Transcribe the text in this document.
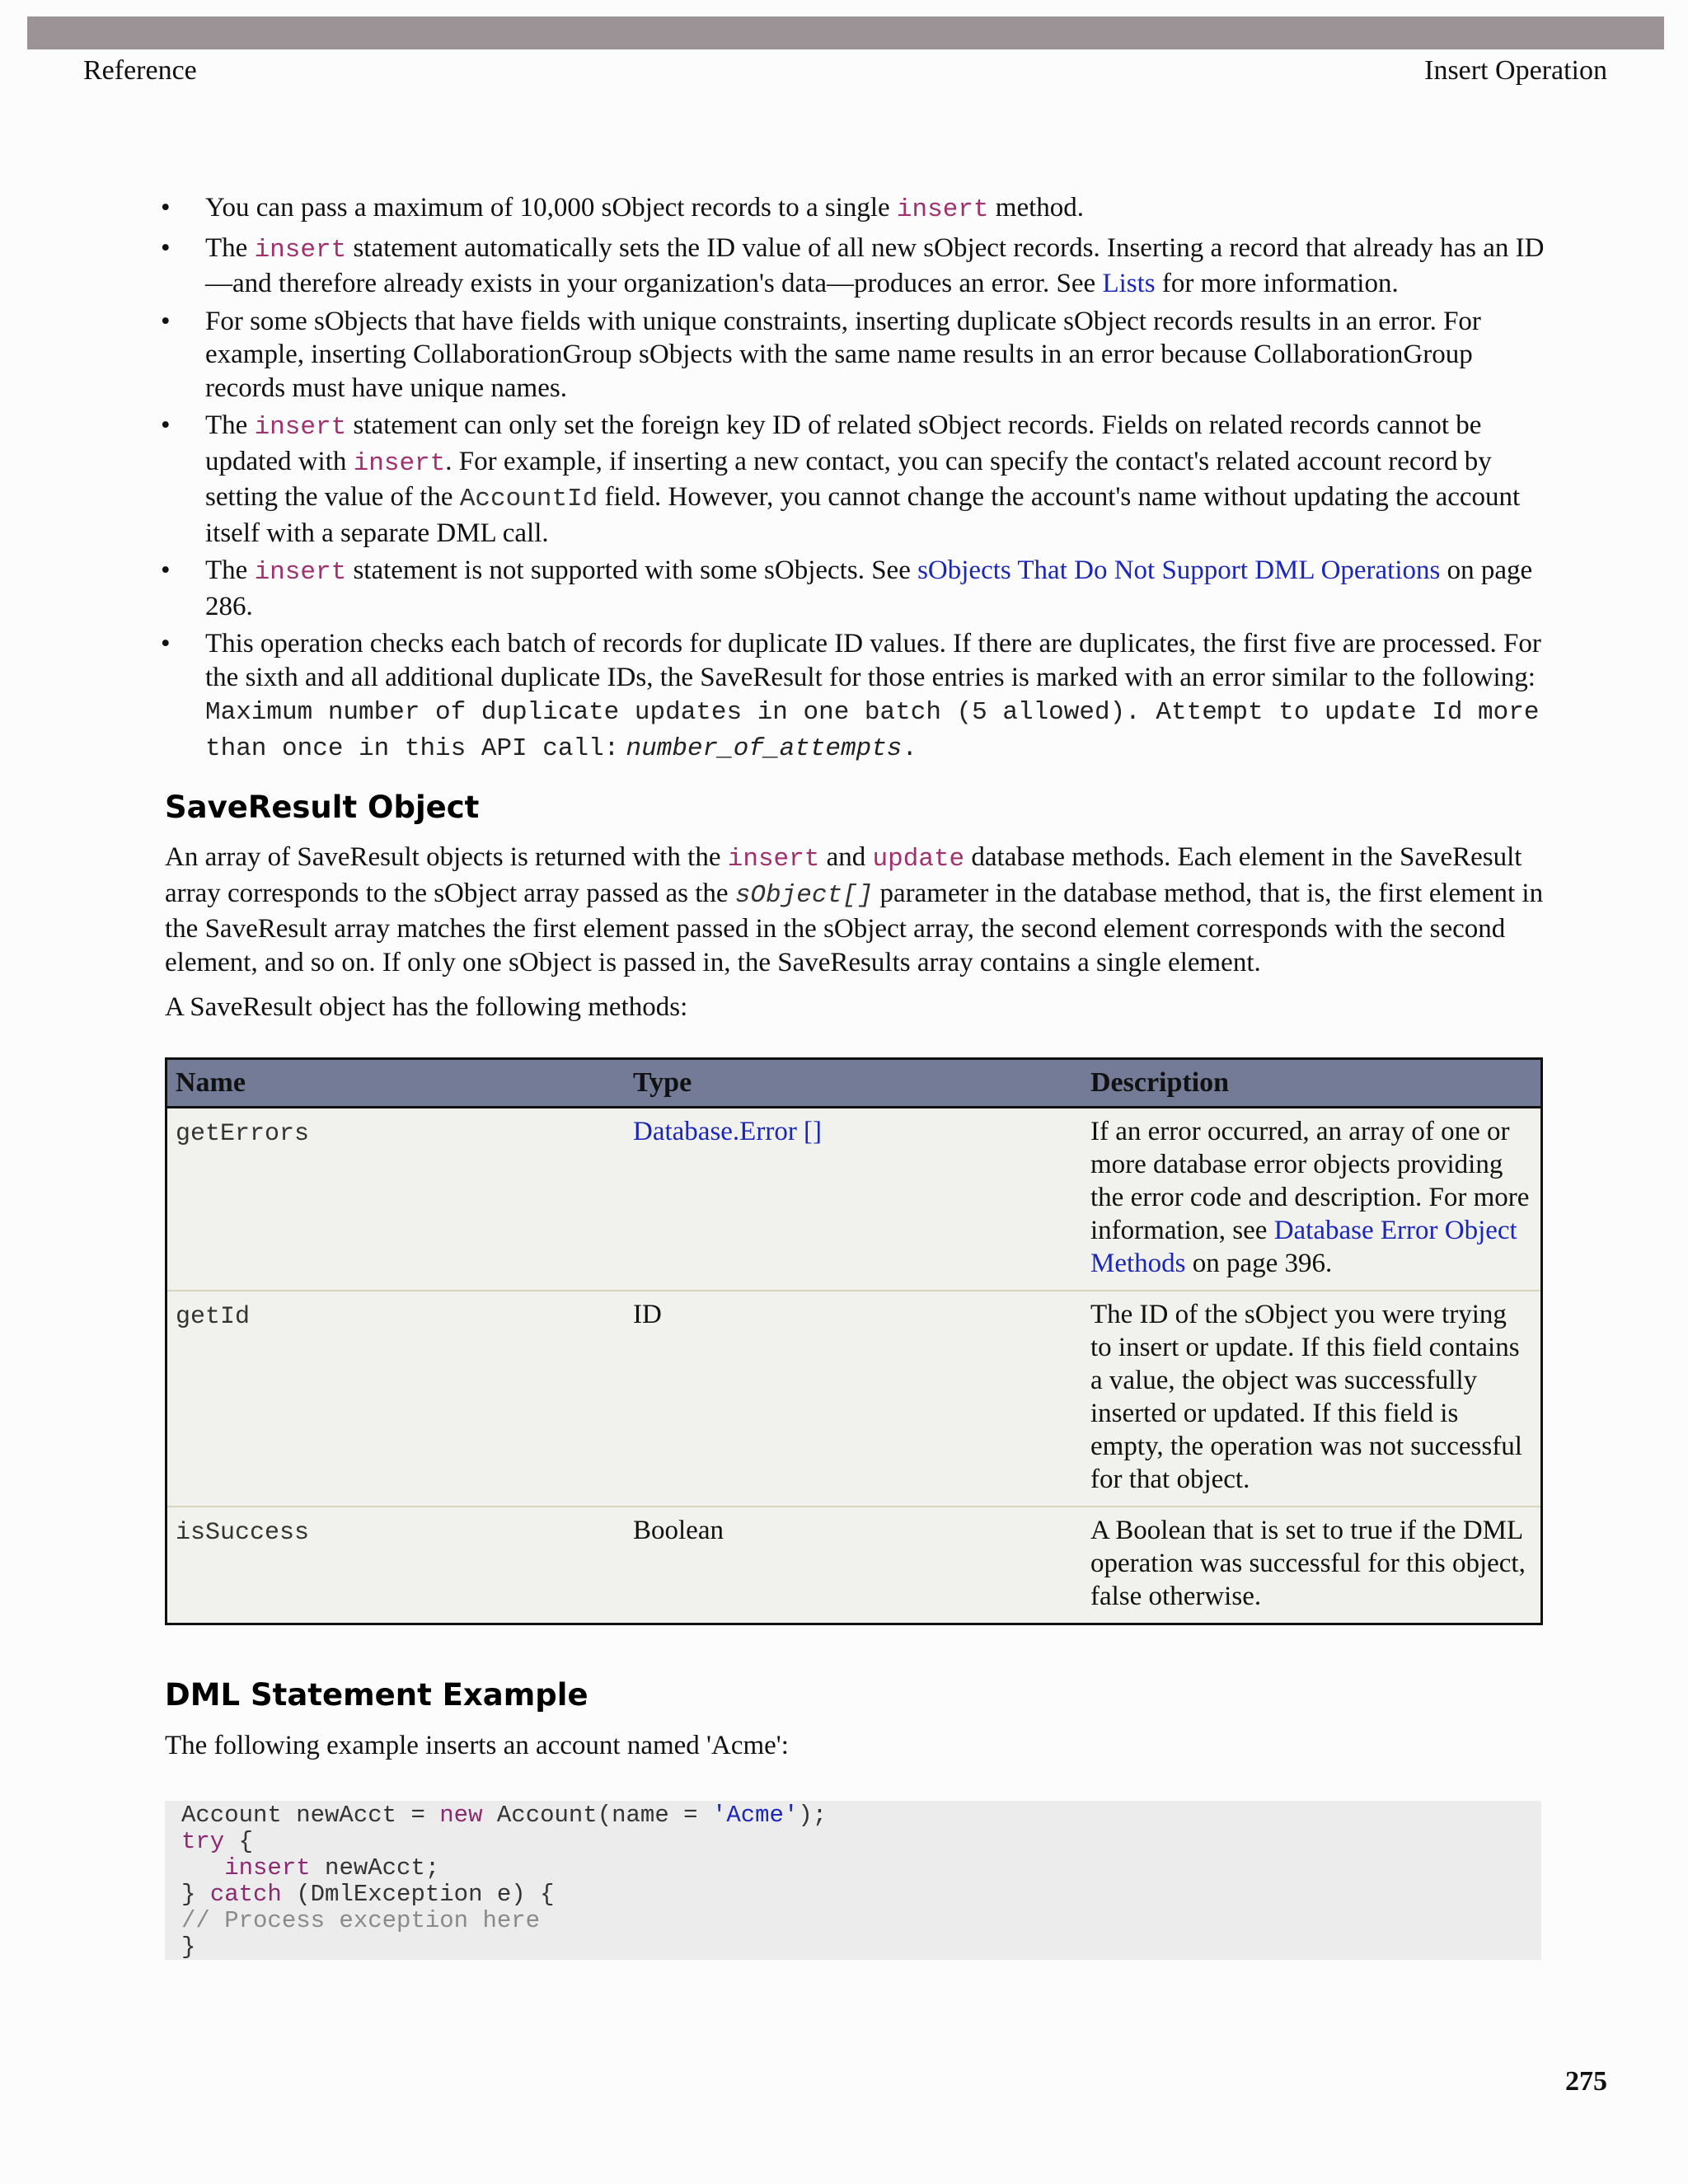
Reference	Insert Operation
• You can pass a maximum of 10,000 sObject records to a single insert method.
• The insert statement automatically sets the ID value of all new sObject records. Inserting a record that already has an ID—and therefore already exists in your organization's data—produces an error. See Lists for more information.
• For some sObjects that have fields with unique constraints, inserting duplicate sObject records results in an error. For example, inserting CollaborationGroup sObjects with the same name results in an error because CollaborationGroup records must have unique names.
• The insert statement can only set the foreign key ID of related sObject records. Fields on related records cannot be updated with insert. For example, if inserting a new contact, you can specify the contact's related account record by setting the value of the AccountId field. However, you cannot change the account's name without updating the account itself with a separate DML call.
• The insert statement is not supported with some sObjects. See sObjects That Do Not Support DML Operations on page 286.
• This operation checks each batch of records for duplicate ID values. If there are duplicates, the first five are processed. For the sixth and all additional duplicate IDs, the SaveResult for those entries is marked with an error similar to the following:
Maximum number of duplicate updates in one batch (5 allowed). Attempt to update Id more than once in this API call: number_of_attempts.
SaveResult Object
An array of SaveResult objects is returned with the insert and update database methods. Each element in the SaveResult array corresponds to the sObject array passed as the sObject[] parameter in the database method, that is, the first element in the SaveResult array matches the first element passed in the sObject array, the second element corresponds with the second element, and so on. If only one sObject is passed in, the SaveResults array contains a single element.
A SaveResult object has the following methods:
Name	Type	Description
getErrors	Database.Error []	If an error occurred, an array of one or more database error objects providing the error code and description. For more information, see Database Error Object Methods on page 396.
getId	ID	The ID of the sObject you were trying to insert or update. If this field contains a value, the object was successfully inserted or updated. If this field is empty, the operation was not successful for that object.
isSuccess	Boolean	A Boolean that is set to true if the DML operation was successful for this object, false otherwise.
DML Statement Example
The following example inserts an account named 'Acme':
Account newAcct = new Account(name = 'Acme');
try {
insert newAcct;
} catch (DmlException e) {
// Process exception here
}
275
